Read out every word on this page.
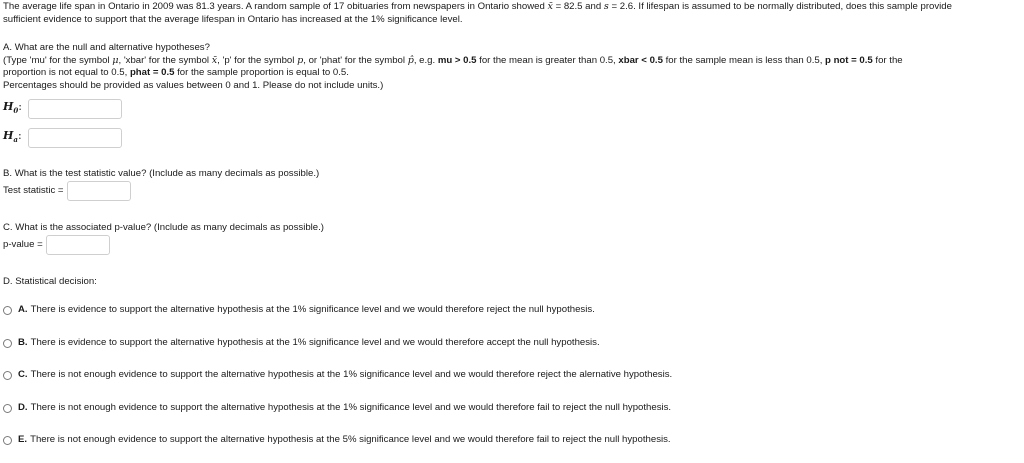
The average life span in Ontario in 2009 was 81.3 years. A random sample of 17 obituaries from newspapers in Ontario showed x̄ = 82.5 and s = 2.6. If lifespan is assumed to be normally distributed, does this sample provide

sufficient evidence to support that the average lifespan in Ontario has increased at the 1% significance level.

A. What are the null and alternative hypotheses?

(Type 'mu' for the symbol μ, 'xbar' for the symbol x̄, 'p' for the symbol p, or 'phat' for the symbol p̂, e.g. mu > 0.5 for the mean is greater than 0.5, xbar < 0.5 for the sample mean is less than 0.5, p not = 0.5 for the

proportion is not equal to 0.5, phat = 0.5 for the sample proportion is equal to 0.5.

Percentages should be provided as values between 0 and 1. Please do not include units.)

$H_0$:
$H_a$:

B. What is the test statistic value? (Include as many decimals as possible.)

Test statistic =

C. What is the associated p-value? (Include as many decimals as possible.)

p-value =

D. Statistical decision:

A. There is evidence to support the alternative hypothesis at the 1% significance level and we would therefore reject the null hypothesis.
B. There is evidence to support the alternative hypothesis at the 1% significance level and we would therefore accept the null hypothesis.
C. There is not enough evidence to support the alternative hypothesis at the 1% significance level and we would therefore reject the alernative hypothesis.
D. There is not enough evidence to support the alternative hypothesis at the 1% significance level and we would therefore fail to reject the null hypothesis.
E. There is not enough evidence to support the alternative hypothesis at the 5% significance level and we would therefore fail to reject the null hypothesis.
